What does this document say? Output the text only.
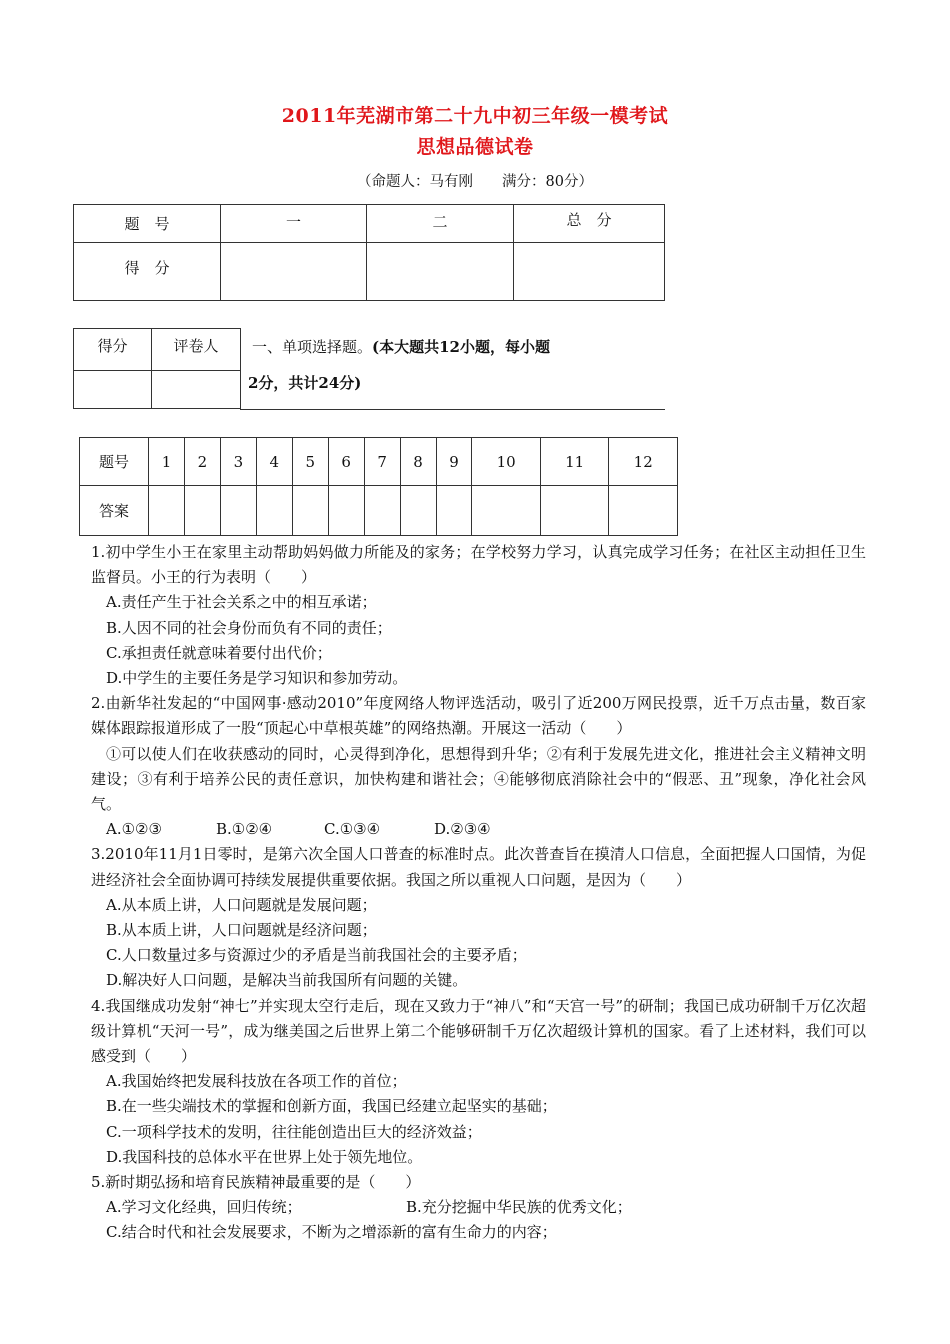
2011年芜湖市第二十九中初三年级一模考试
思想品德试卷
（命题人：马有刚　　满分：80分）
题　号	一	二	总　分
得　分			
得分	评卷人
	一、单项选择题。(本大题共12小题，每小题
2分，共计24分)
题号	1	2	3	4	5	6	7	8	9	10	11	12
答案												
1.初中学生小王在家里主动帮助妈妈做力所能及的家务；在学校努力学习，认真完成学习任务；在社区主动担任卫生监督员。小王的行为表明（　　）
A.责任产生于社会关系之中的相互承诺；
B.人因不同的社会身份而负有不同的责任；
C.承担责任就意味着要付出代价；
D.中学生的主要任务是学习知识和参加劳动。
2.由新华社发起的“中国网事·感动2010”年度网络人物评选活动，吸引了近200万网民投票，近千万点击量，数百家媒体跟踪报道形成了一股“顶起心中草根英雄”的网络热潮。开展这一活动（　　）
①可以使人们在收获感动的同时，心灵得到净化，思想得到升华；②有利于发展先进文化，推进社会主义精神文明建设；③有利于培养公民的责任意识，加快构建和谐社会；④能够彻底消除社会中的“假恶、丑”现象，净化社会风气。
A.①②③	B.①②④	C.①③④	D.②③④
3.2010年11月1日零时，是第六次全国人口普查的标准时点。此次普查旨在摸清人口信息，全面把握人口国情，为促进经济社会全面协调可持续发展提供重要依据。我国之所以重视人口问题，是因为（　　）
A.从本质上讲，人口问题就是发展问题；
B.从本质上讲，人口问题就是经济问题；
C.人口数量过多与资源过少的矛盾是当前我国社会的主要矛盾；
D.解决好人口问题，是解决当前我国所有问题的关键。
4.我国继成功发射“神七”并实现太空行走后，现在又致力于“神八”和“天宫一号”的研制；我国已成功研制千万亿次超级计算机“天河一号”，成为继美国之后世界上第二个能够研制千万亿次超级计算机的国家。看了上述材料，我们可以感受到（　　）
A.我国始终把发展科技放在各项工作的首位；
B.在一些尖端技术的掌握和创新方面，我国已经建立起坚实的基础；
C.一项科学技术的发明，往往能创造出巨大的经济效益；
D.我国科技的总体水平在世界上处于领先地位。
5.新时期弘扬和培育民族精神最重要的是（　　）
A.学习文化经典，回归传统；	B.充分挖掘中华民族的优秀文化；
C.结合时代和社会发展要求，不断为之增添新的富有生命力的内容；
